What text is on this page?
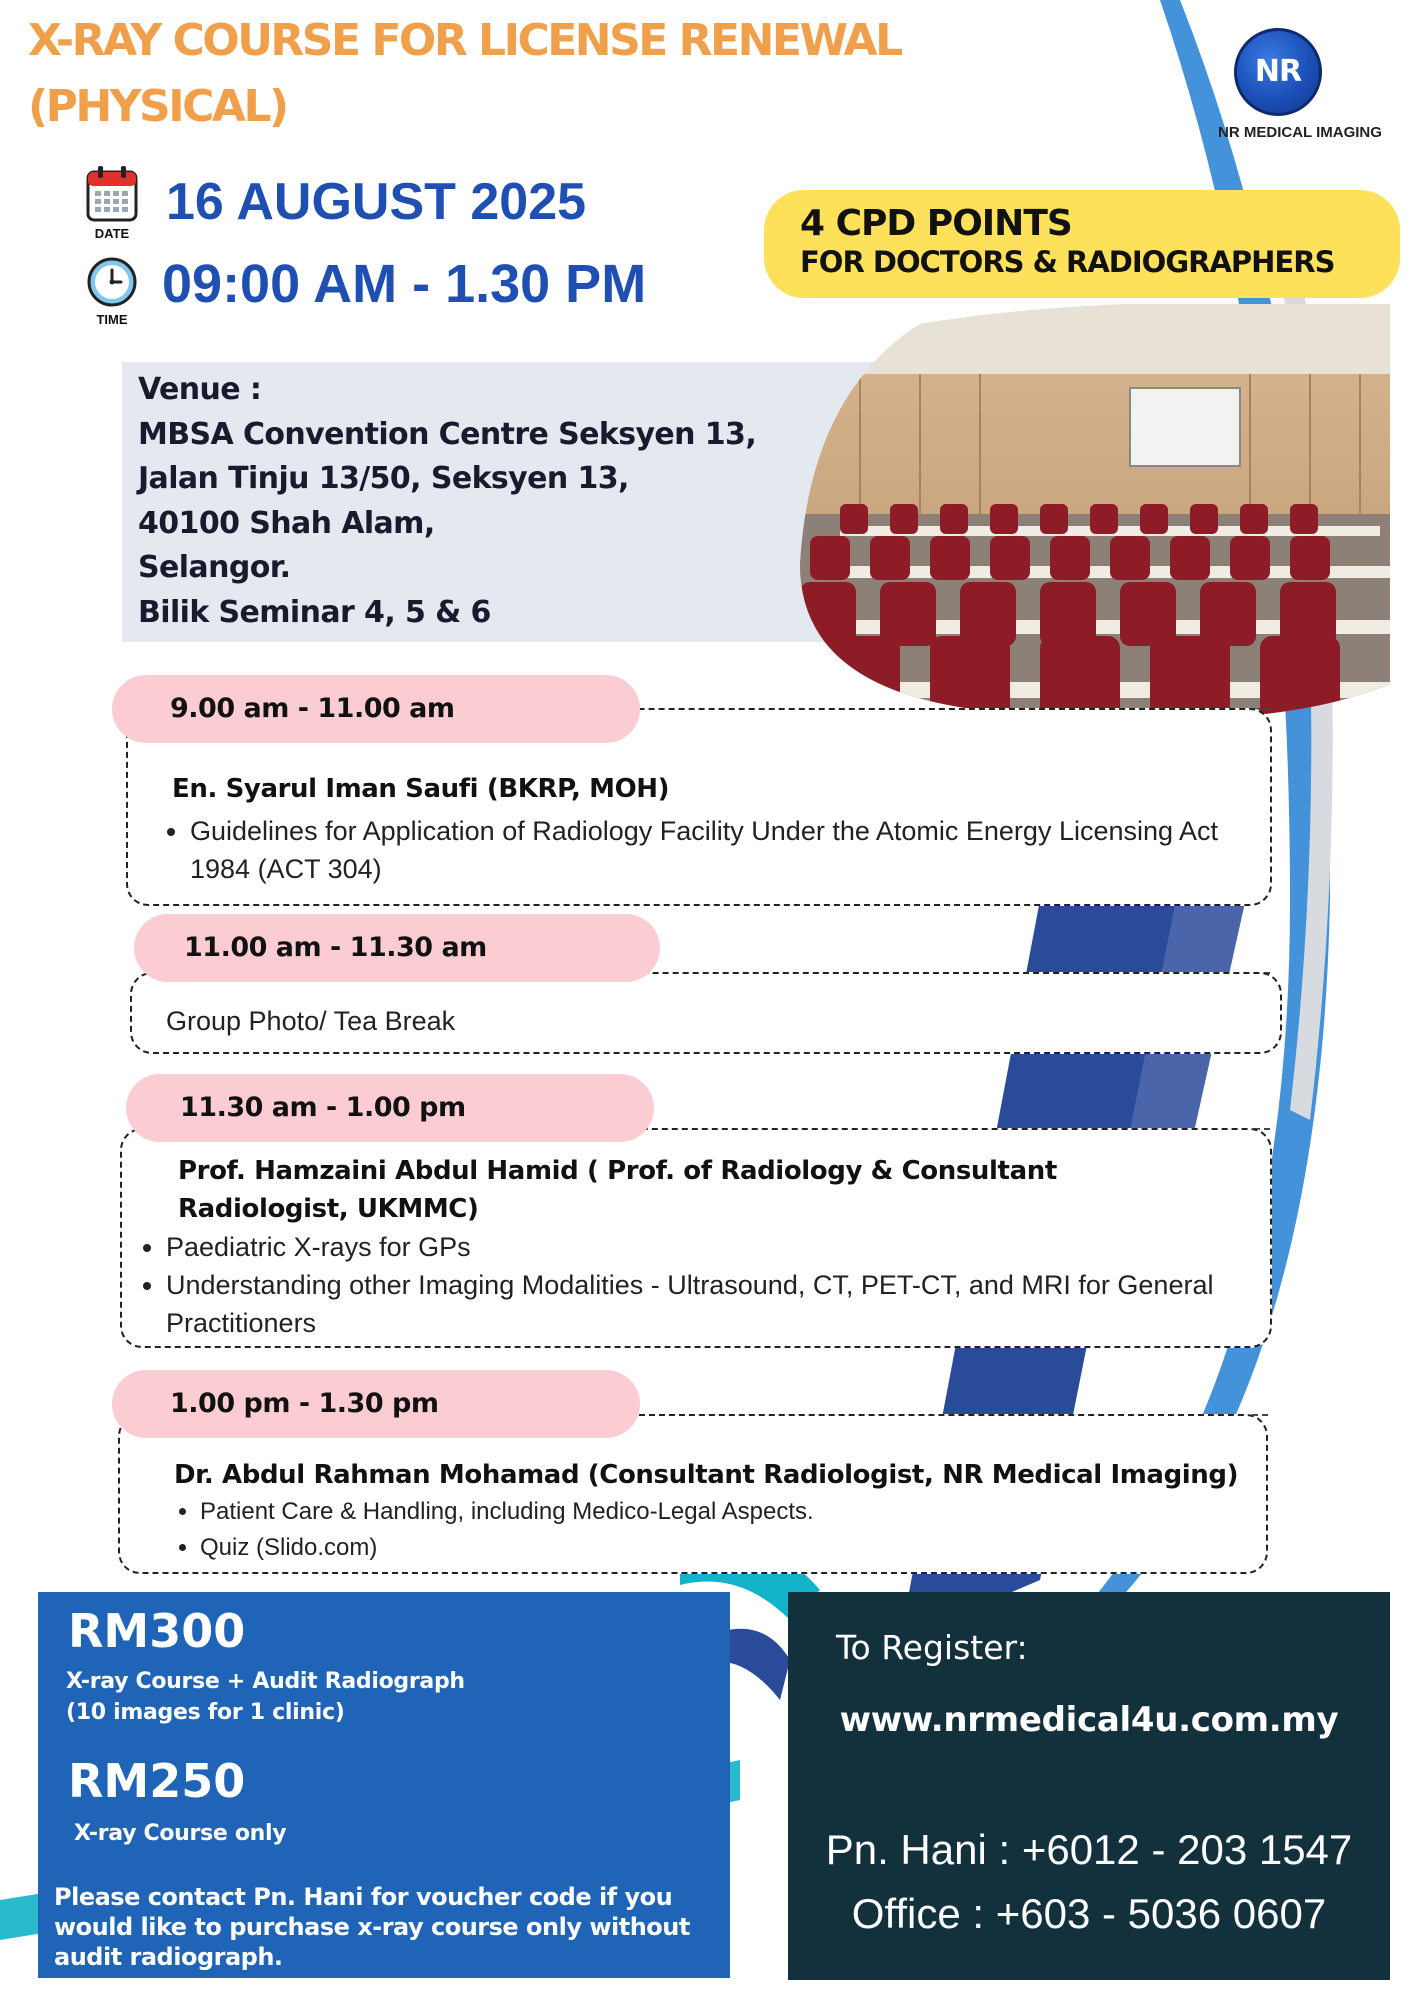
X-RAY COURSE FOR LICENSE RENEWAL
(PHYSICAL)
NR
NR MEDICAL IMAGING
DATE
16 AUGUST 2025
TIME
09:00 AM - 1.30 PM
4 CPD POINTS
FOR DOCTORS & RADIOGRAPHERS
Venue :
MBSA Convention Centre Seksyen 13,
Jalan Tinju 13/50, Seksyen 13,
40100 Shah Alam,
Selangor.
Bilik Seminar 4, 5 & 6
En. Syarul Iman Saufi (BKRP, MOH)
• Guidelines for Application of Radiology Facility Under the Atomic Energy Licensing Act 1984 (ACT 304)
9.00 am - 11.00 am
Group Photo/ Tea Break
11.00 am - 11.30 am
Prof. Hamzaini Abdul Hamid ( Prof. of Radiology & Consultant Radiologist, UKMMC)
• Paediatric X-rays for GPs
• Understanding other Imaging Modalities - Ultrasound, CT, PET-CT, and MRI for General Practitioners
11.30 am - 1.00 pm
Dr. Abdul Rahman Mohamad (Consultant Radiologist, NR Medical Imaging)
• Patient Care & Handling, including Medico-Legal Aspects.
• Quiz (Slido.com)
1.00 pm - 1.30 pm
RM300
X-ray Course + Audit Radiograph
(10 images for 1 clinic)
RM250
X-ray Course only
Please contact Pn. Hani for voucher code if you would like to purchase x-ray course only without audit radiograph.
To Register:
www.nrmedical4u.com.my
Pn. Hani : +6012 - 203 1547
Office : +603 - 5036 0607
